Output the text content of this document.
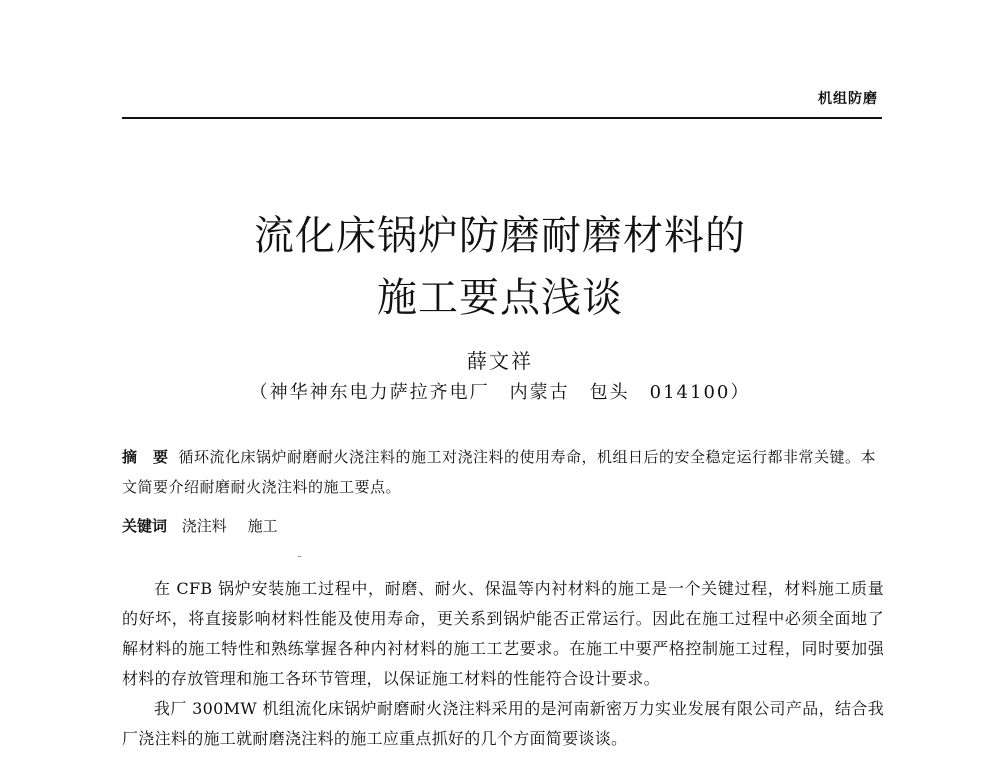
机组防磨
流化床锅炉防磨耐磨材料的
施工要点浅谈
薛文祥
（神华神东电力萨拉齐电厂 内蒙古 包头 014100）
摘　要 循环流化床锅炉耐磨耐火浇注料的施工对浇注料的使用寿命，机组日后的安全稳定运行都非常关键。本文简要介绍耐磨耐火浇注料的施工要点。
关键词 浇注料 施工

在 CFB 锅炉安装施工过程中，耐磨、耐火、保温等内衬材料的施工是一个关键过程，材料施工质量的好坏，将直接影响材料性能及使用寿命，更关系到锅炉能否正常运行。因此在施工过程中必须全面地了解材料的施工特性和熟练掌握各种内衬材料的施工工艺要求。在施工中要严格控制施工过程，同时要加强材料的存放管理和施工各环节管理，以保证施工材料的性能符合设计要求。

我厂 300MW 机组流化床锅炉耐磨耐火浇注料采用的是河南新密万力实业发展有限公司产品，结合我厂浇注料的施工就耐磨浇注料的施工应重点抓好的几个方面简要谈谈。
